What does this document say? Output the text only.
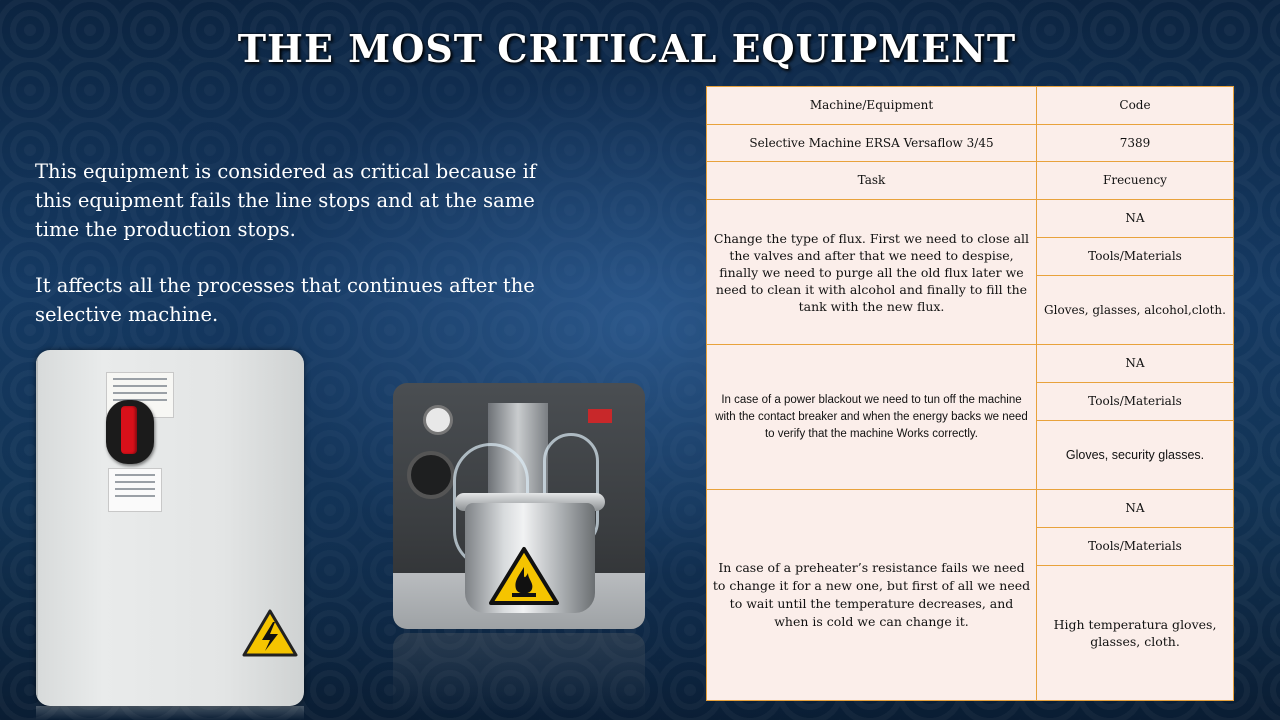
THE MOST CRITICAL EQUIPMENT
This equipment is considered as critical because if this equipment fails the line stops and at the same time the production stops.
It affects all the processes that continues after the selective machine.
Machine/Equipment	Code
Selective Machine ERSA Versaflow 3/45	7389
Task	Frecuency
Change the type of flux. First we need to close all the valves and after that we need to despise, finally we need to purge all the old flux later we need to clean it with alcohol and finally to fill the tank with the new flux.	NA
	Tools/Materials
	Gloves, glasses, alcohol,cloth.
In case of a power blackout we need to tun off the machine with the contact breaker and when the energy backs we need to verify that the machine Works correctly.	NA
	Tools/Materials
	Gloves, security glasses.
In case of a preheater’s resistance fails we need to change it for a new one, but first of all we need to wait until the temperature decreases, and when is cold we can change it.	NA
	Tools/Materials
	High temperatura gloves, glasses, cloth.
